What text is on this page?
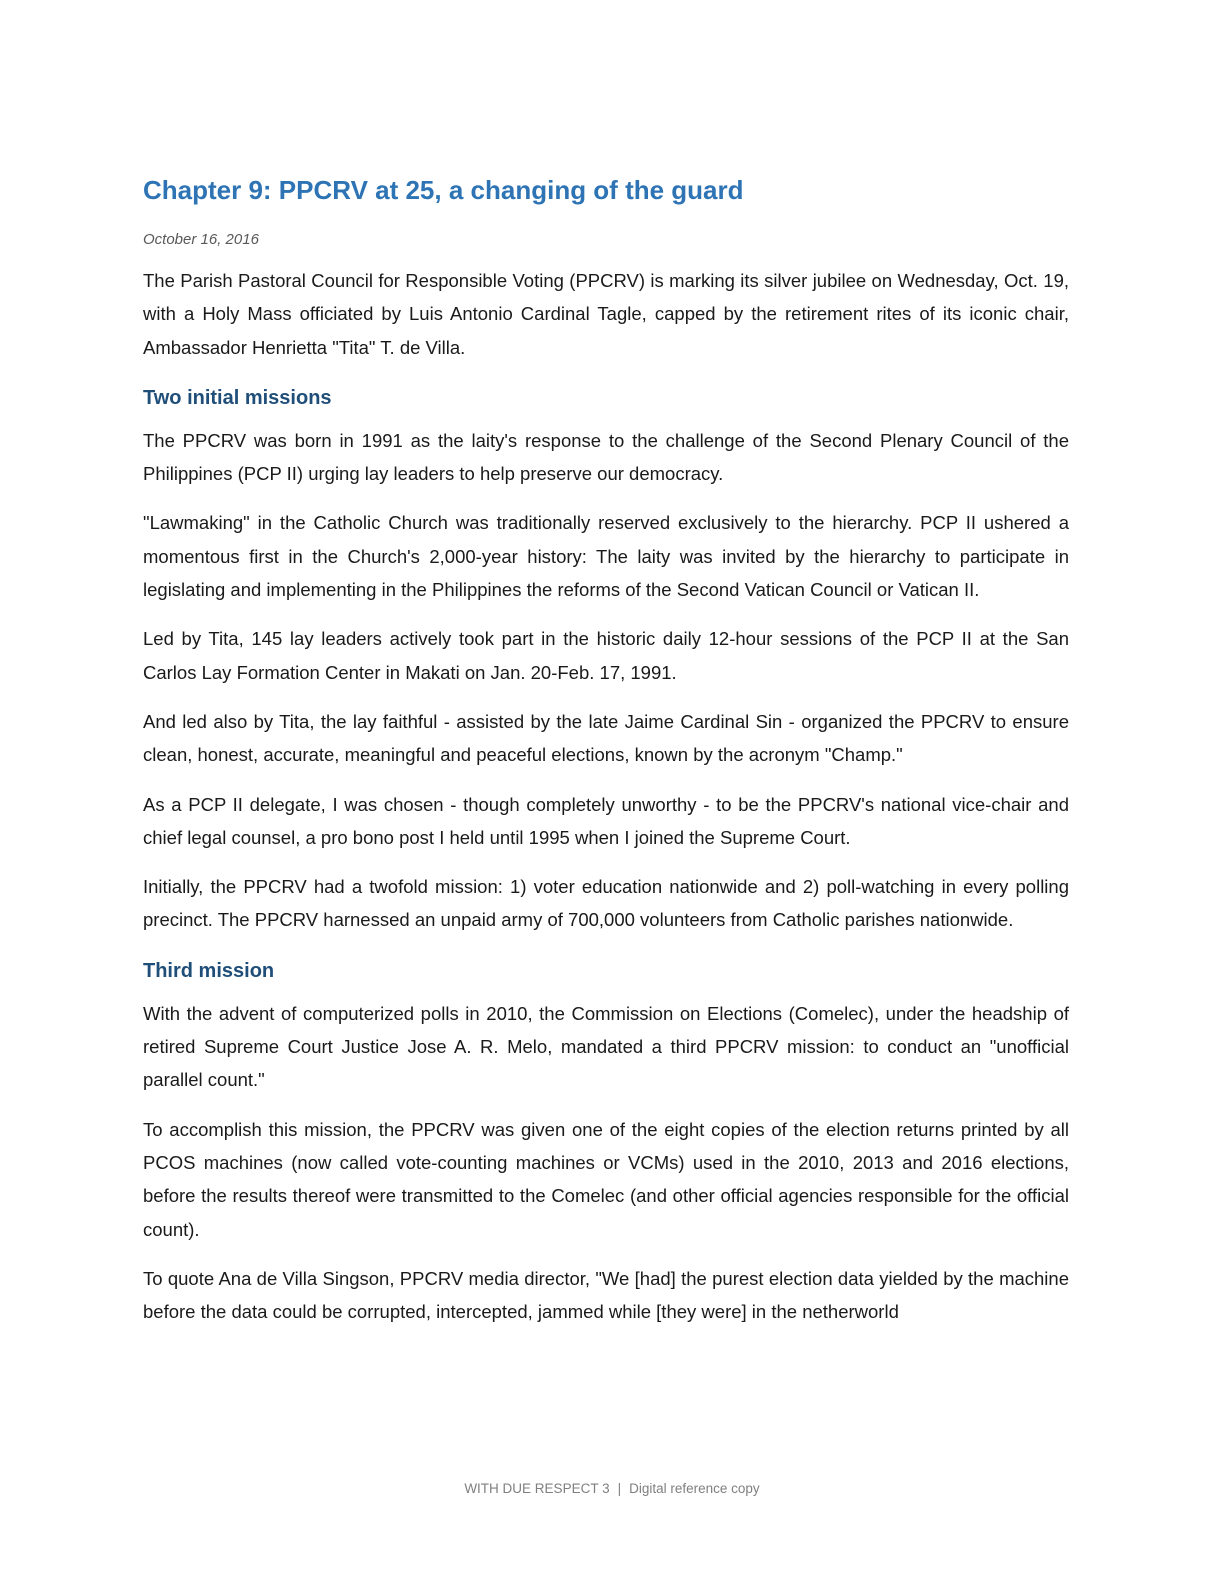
Chapter 9: PPCRV at 25, a changing of the guard
October 16, 2016

The Parish Pastoral Council for Responsible Voting (PPCRV) is marking its silver jubilee on Wednesday, Oct. 19, with a Holy Mass officiated by Luis Antonio Cardinal Tagle, capped by the retirement rites of its iconic chair, Ambassador Henrietta "Tita" T. de Villa.

Two initial missions

The PPCRV was born in 1991 as the laity's response to the challenge of the Second Plenary Council of the Philippines (PCP II) urging lay leaders to help preserve our democracy.

"Lawmaking" in the Catholic Church was traditionally reserved exclusively to the hierarchy. PCP II ushered a momentous first in the Church's 2,000-year history: The laity was invited by the hierarchy to participate in legislating and implementing in the Philippines the reforms of the Second Vatican Council or Vatican II.

Led by Tita, 145 lay leaders actively took part in the historic daily 12-hour sessions of the PCP II at the San Carlos Lay Formation Center in Makati on Jan. 20-Feb. 17, 1991.

And led also by Tita, the lay faithful - assisted by the late Jaime Cardinal Sin - organized the PPCRV to ensure clean, honest, accurate, meaningful and peaceful elections, known by the acronym "Champ."

As a PCP II delegate, I was chosen - though completely unworthy - to be the PPCRV's national vice-chair and chief legal counsel, a pro bono post I held until 1995 when I joined the Supreme Court.

Initially, the PPCRV had a twofold mission: 1) voter education nationwide and 2) poll-watching in every polling precinct. The PPCRV harnessed an unpaid army of 700,000 volunteers from Catholic parishes nationwide.

Third mission

With the advent of computerized polls in 2010, the Commission on Elections (Comelec), under the headship of retired Supreme Court Justice Jose A. R. Melo, mandated a third PPCRV mission: to conduct an "unofficial parallel count."

To accomplish this mission, the PPCRV was given one of the eight copies of the election returns printed by all PCOS machines (now called vote-counting machines or VCMs) used in the 2010, 2013 and 2016 elections, before the results thereof were transmitted to the Comelec (and other official agencies responsible for the official count).

To quote Ana de Villa Singson, PPCRV media director, "We [had] the purest election data yielded by the machine before the data could be corrupted, intercepted, jammed while [they were] in the netherworld

WITH DUE RESPECT 3 | Digital reference copy
